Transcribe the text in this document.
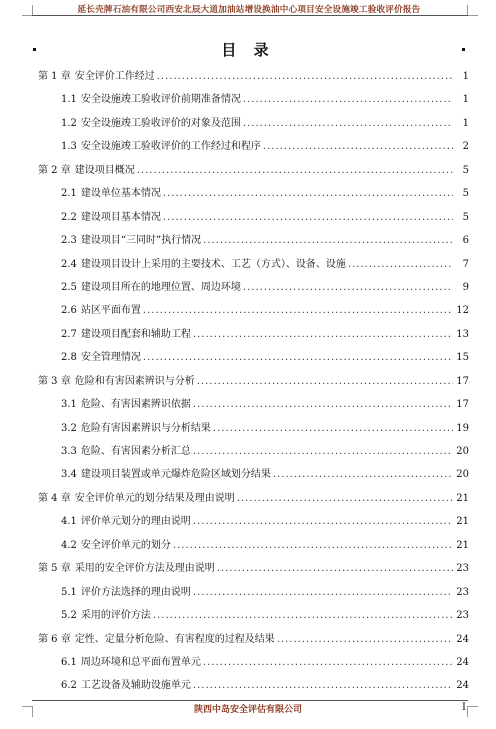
延长壳牌石油有限公司西安北辰大道加油站增设换油中心项目安全设施竣工验收评价报告
目 录
第 1 章 安全评价工作经过 .....	1
1.1 安全设施竣工验收评价前期准备情况 .....	1
1.2 安全设施竣工验收评价的对象及范围 .....	1
1.3 安全设施竣工验收评价的工作经过和程序 .....	2
第 2 章 建设项目概况 .....	5
2.1 建设单位基本情况 .....	5
2.2 建设项目基本情况 .....	5
2.3 建设项目“三同时”执行情况 .....	6
2.4 建设项目设计上采用的主要技术、工艺（方式）、设备、设施 .....	7
2.5 建设项目所在的地理位置、周边环境 .....	9
2.6 站区平面布置 .....	12
2.7 建设项目配套和辅助工程 .....	13
2.8 安全管理情况 .....	15
第 3 章 危险和有害因素辨识与分析 .....	17
3.1 危险、有害因素辨识依据 .....	17
3.2 危险有害因素辨识与分析结果 .....	19
3.3 危险、有害因素分析汇总 .....	20
3.4 建设项目装置或单元爆炸危险区域划分结果 .....	20
第 4 章 安全评价单元的划分结果及理由说明 .....	21
4.1 评价单元划分的理由说明 .....	21
4.2 安全评价单元的划分 .....	21
第 5 章 采用的安全评价方法及理由说明 .....	23
5.1 评价方法选择的理由说明 .....	23
5.2 采用的评价方法 .....	23
第 6 章 定性、定量分析危险、有害程度的过程及结果 .....	24
6.1 周边环境和总平面布置单元 .....	24
6.2 工艺设备及辅助设施单元 .....	24
陕西中岛安全评估有限公司	I
